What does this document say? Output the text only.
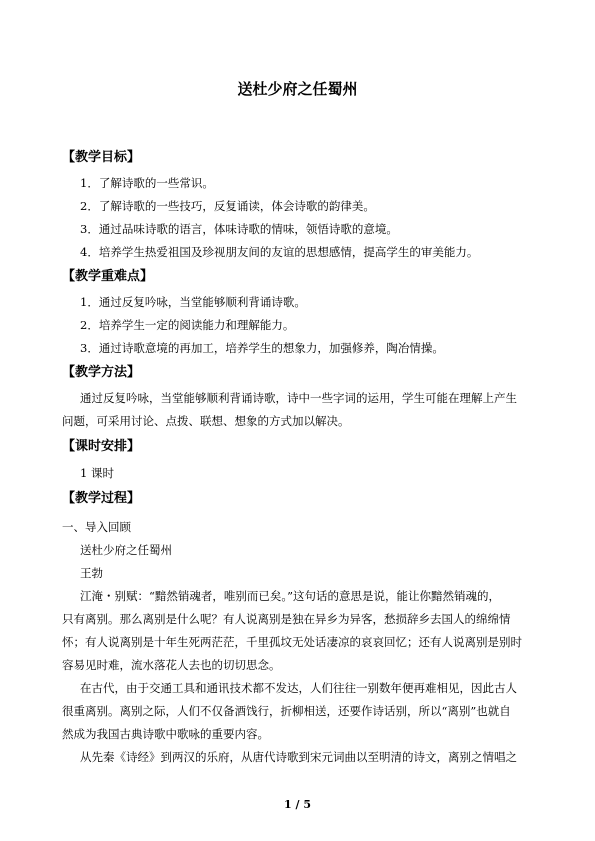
送杜少府之任蜀州
【教学目标】
1．了解诗歌的一些常识。
2．了解诗歌的一些技巧，反复诵读，体会诗歌的韵律美。
3．通过品味诗歌的语言，体味诗歌的情味，领悟诗歌的意境。
4．培养学生热爱祖国及珍视朋友间的友谊的思想感情，提高学生的审美能力。
【教学重难点】
1．通过反复吟咏，当堂能够顺利背诵诗歌。
2．培养学生一定的阅读能力和理解能力。
3．通过诗歌意境的再加工，培养学生的想象力，加强修养，陶冶情操。
【教学方法】
通过反复吟咏，当堂能够顺利背诵诗歌，诗中一些字词的运用，学生可能在理解上产生
问题，可采用讨论、点拨、联想、想象的方式加以解决。
【课时安排】
1 课时
【教学过程】
一、导入回顾
送杜少府之任蜀州
王勃
江淹・别赋：“黯然销魂者，唯别而已矣。”这句话的意思是说，能让你黯然销魂的，
只有离别。那么离别是什么呢？有人说离别是独在异乡为异客，愁损辞乡去国人的绵绵情
怀；有人说离别是十年生死两茫茫，千里孤坟无处话凄凉的哀哀回忆；还有人说离别是别时
容易见时难，流水落花人去也的切切思念。
在古代，由于交通工具和通讯技术都不发达，人们往往一别数年便再难相见，因此古人
很重离别。离别之际，人们不仅备酒饯行，折柳相送，还要作诗话别，所以“离别”也就自
然成为我国古典诗歌中歌咏的重要内容。
从先秦《诗经》到两汉的乐府，从唐代诗歌到宋元词曲以至明清的诗文，离别之情唱之
1 / 5
